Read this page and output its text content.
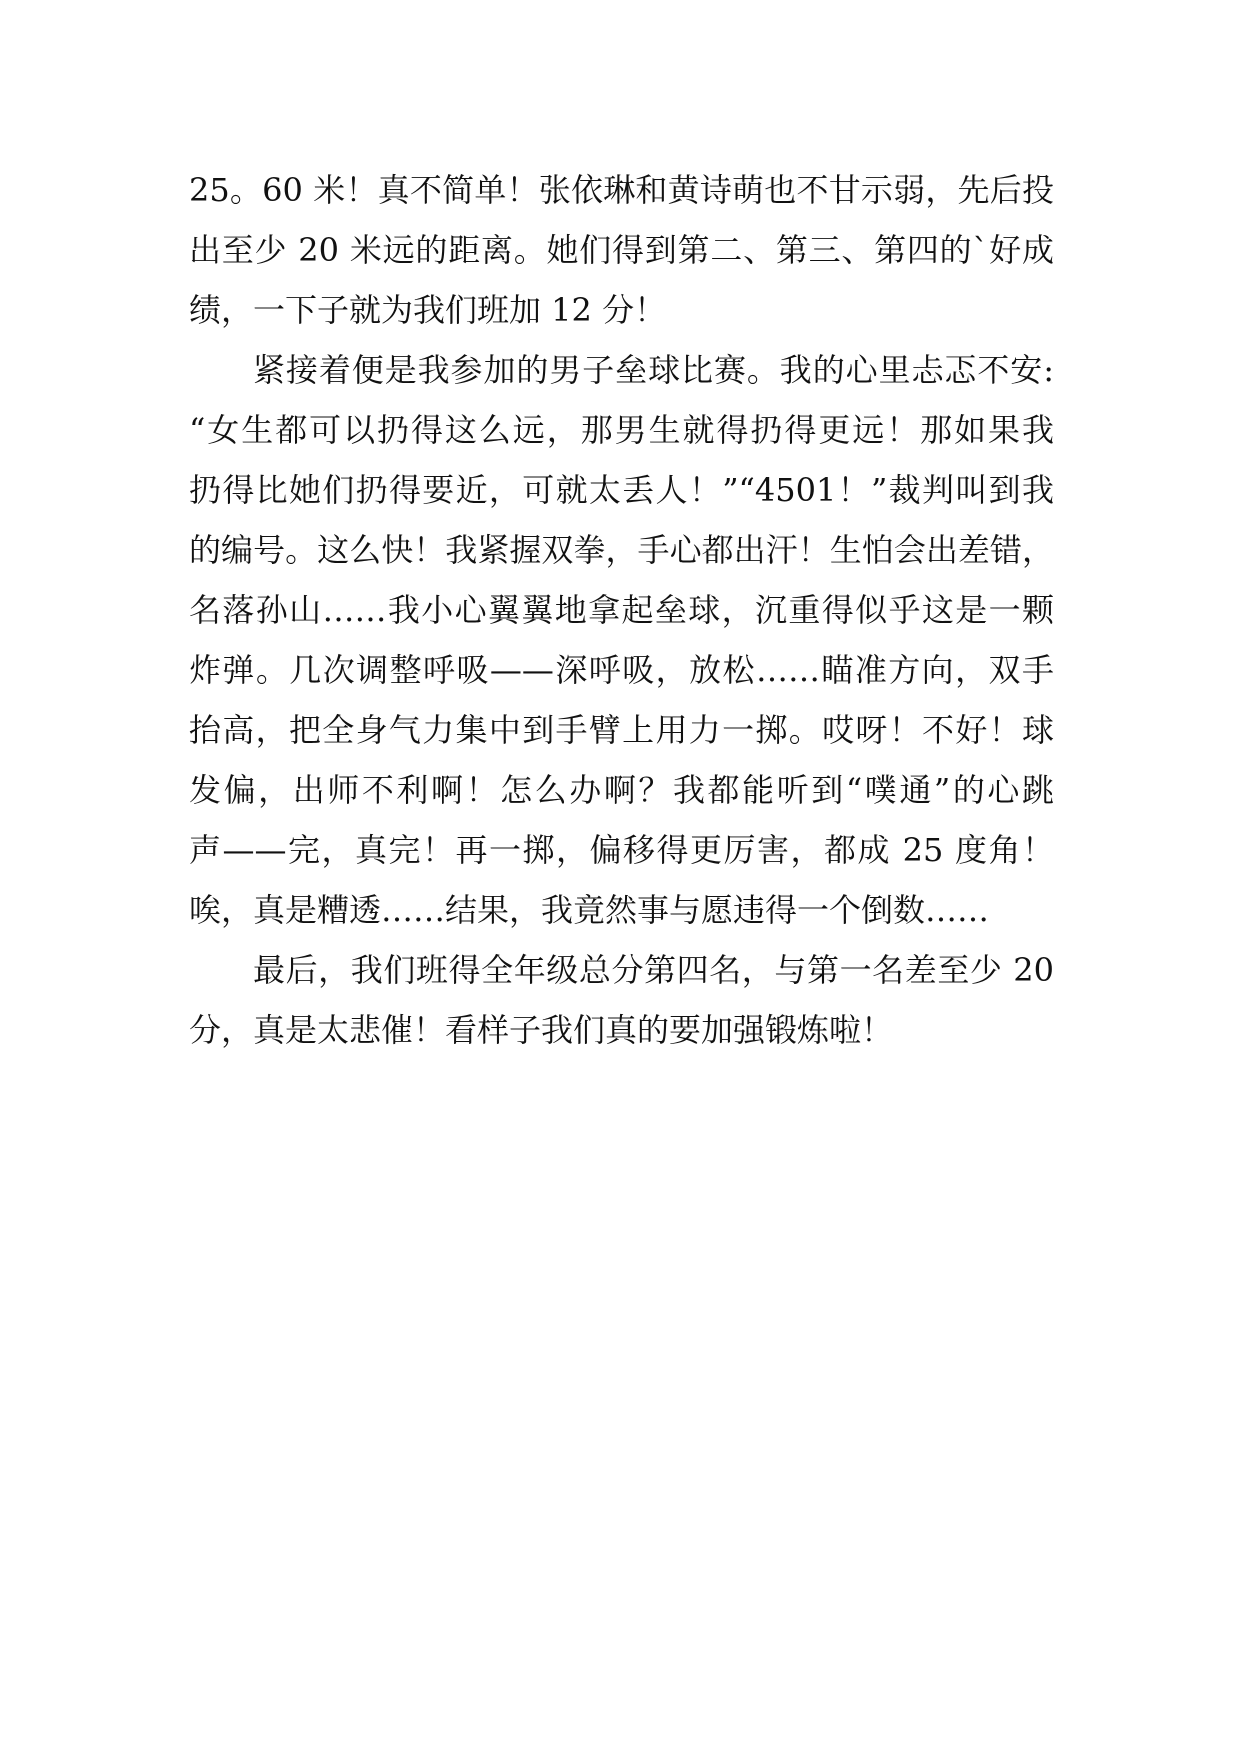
25。60 米！真不简单！张依琳和黄诗萌也不甘示弱，先后投
出至少 20 米远的距离。她们得到第二、第三、第四的`好成
绩，一下子就为我们班加 12 分！
紧接着便是我参加的男子垒球比赛。我的心里忐忑不安:
“女生都可以扔得这么远，那男生就得扔得更远！那如果我
扔得比她们扔得要近，可就太丢人！”“4501！”裁判叫到我
的编号。这么快！我紧握双拳，手心都出汗！生怕会出差错，
名落孙山……我小心翼翼地拿起垒球，沉重得似乎这是一颗
炸弹。几次调整呼吸——深呼吸，放松……瞄准方向，双手
抬高，把全身气力集中到手臂上用力一掷。哎呀！不好！球
发偏，出师不利啊！怎么办啊？我都能听到“噗通”的心跳
声——完，真完！再一掷，偏移得更厉害，都成 25 度角！
唉，真是糟透……结果，我竟然事与愿违得一个倒数……
最后，我们班得全年级总分第四名，与第一名差至少 20
分，真是太悲催！看样子我们真的要加强锻炼啦！
